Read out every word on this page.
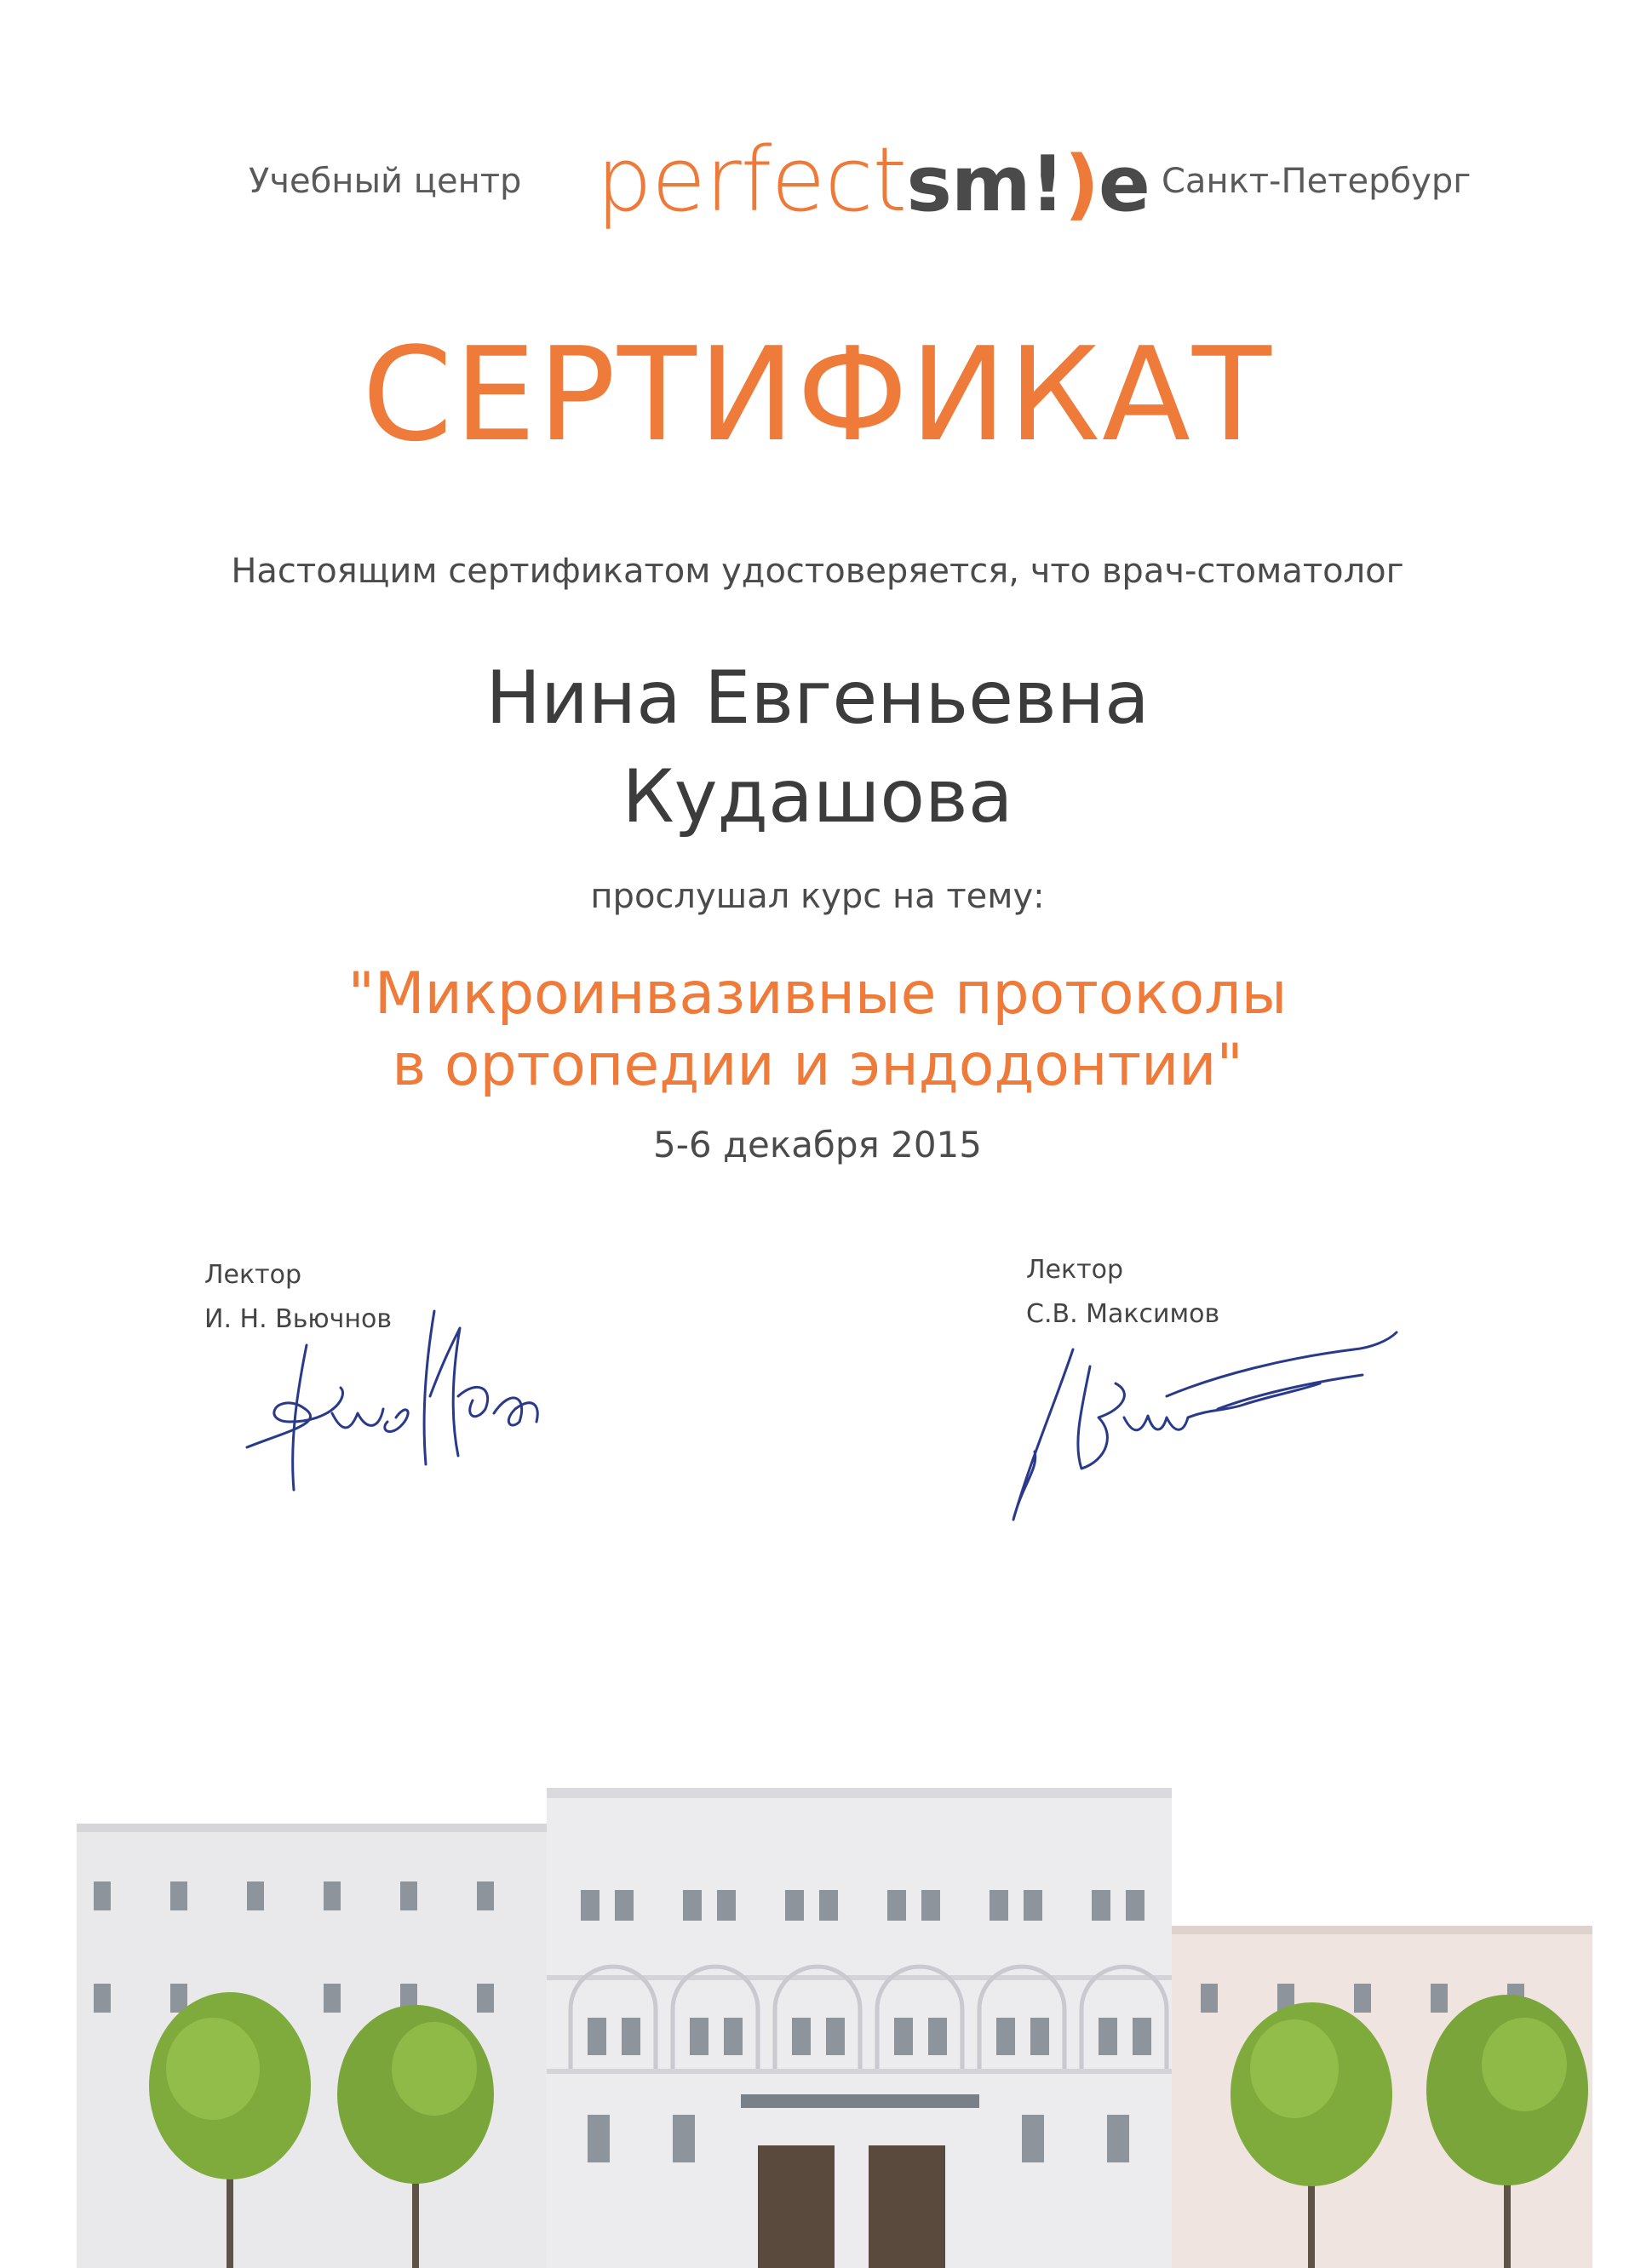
Учебный центр perfect sm!)e Санкт-Петербург
СЕРТИФИКАТ
Настоящим сертификатом удостоверяется, что врач-стоматолог
Нина Евгеньевна
Кудашова
прослушал курс на тему:
"Микроинвазивные протоколы
в ортопедии и эндодонтии"
5-6 декабря 2015
Лектор
И. Н. Вьючнов
Лектор
С.В. Максимов
